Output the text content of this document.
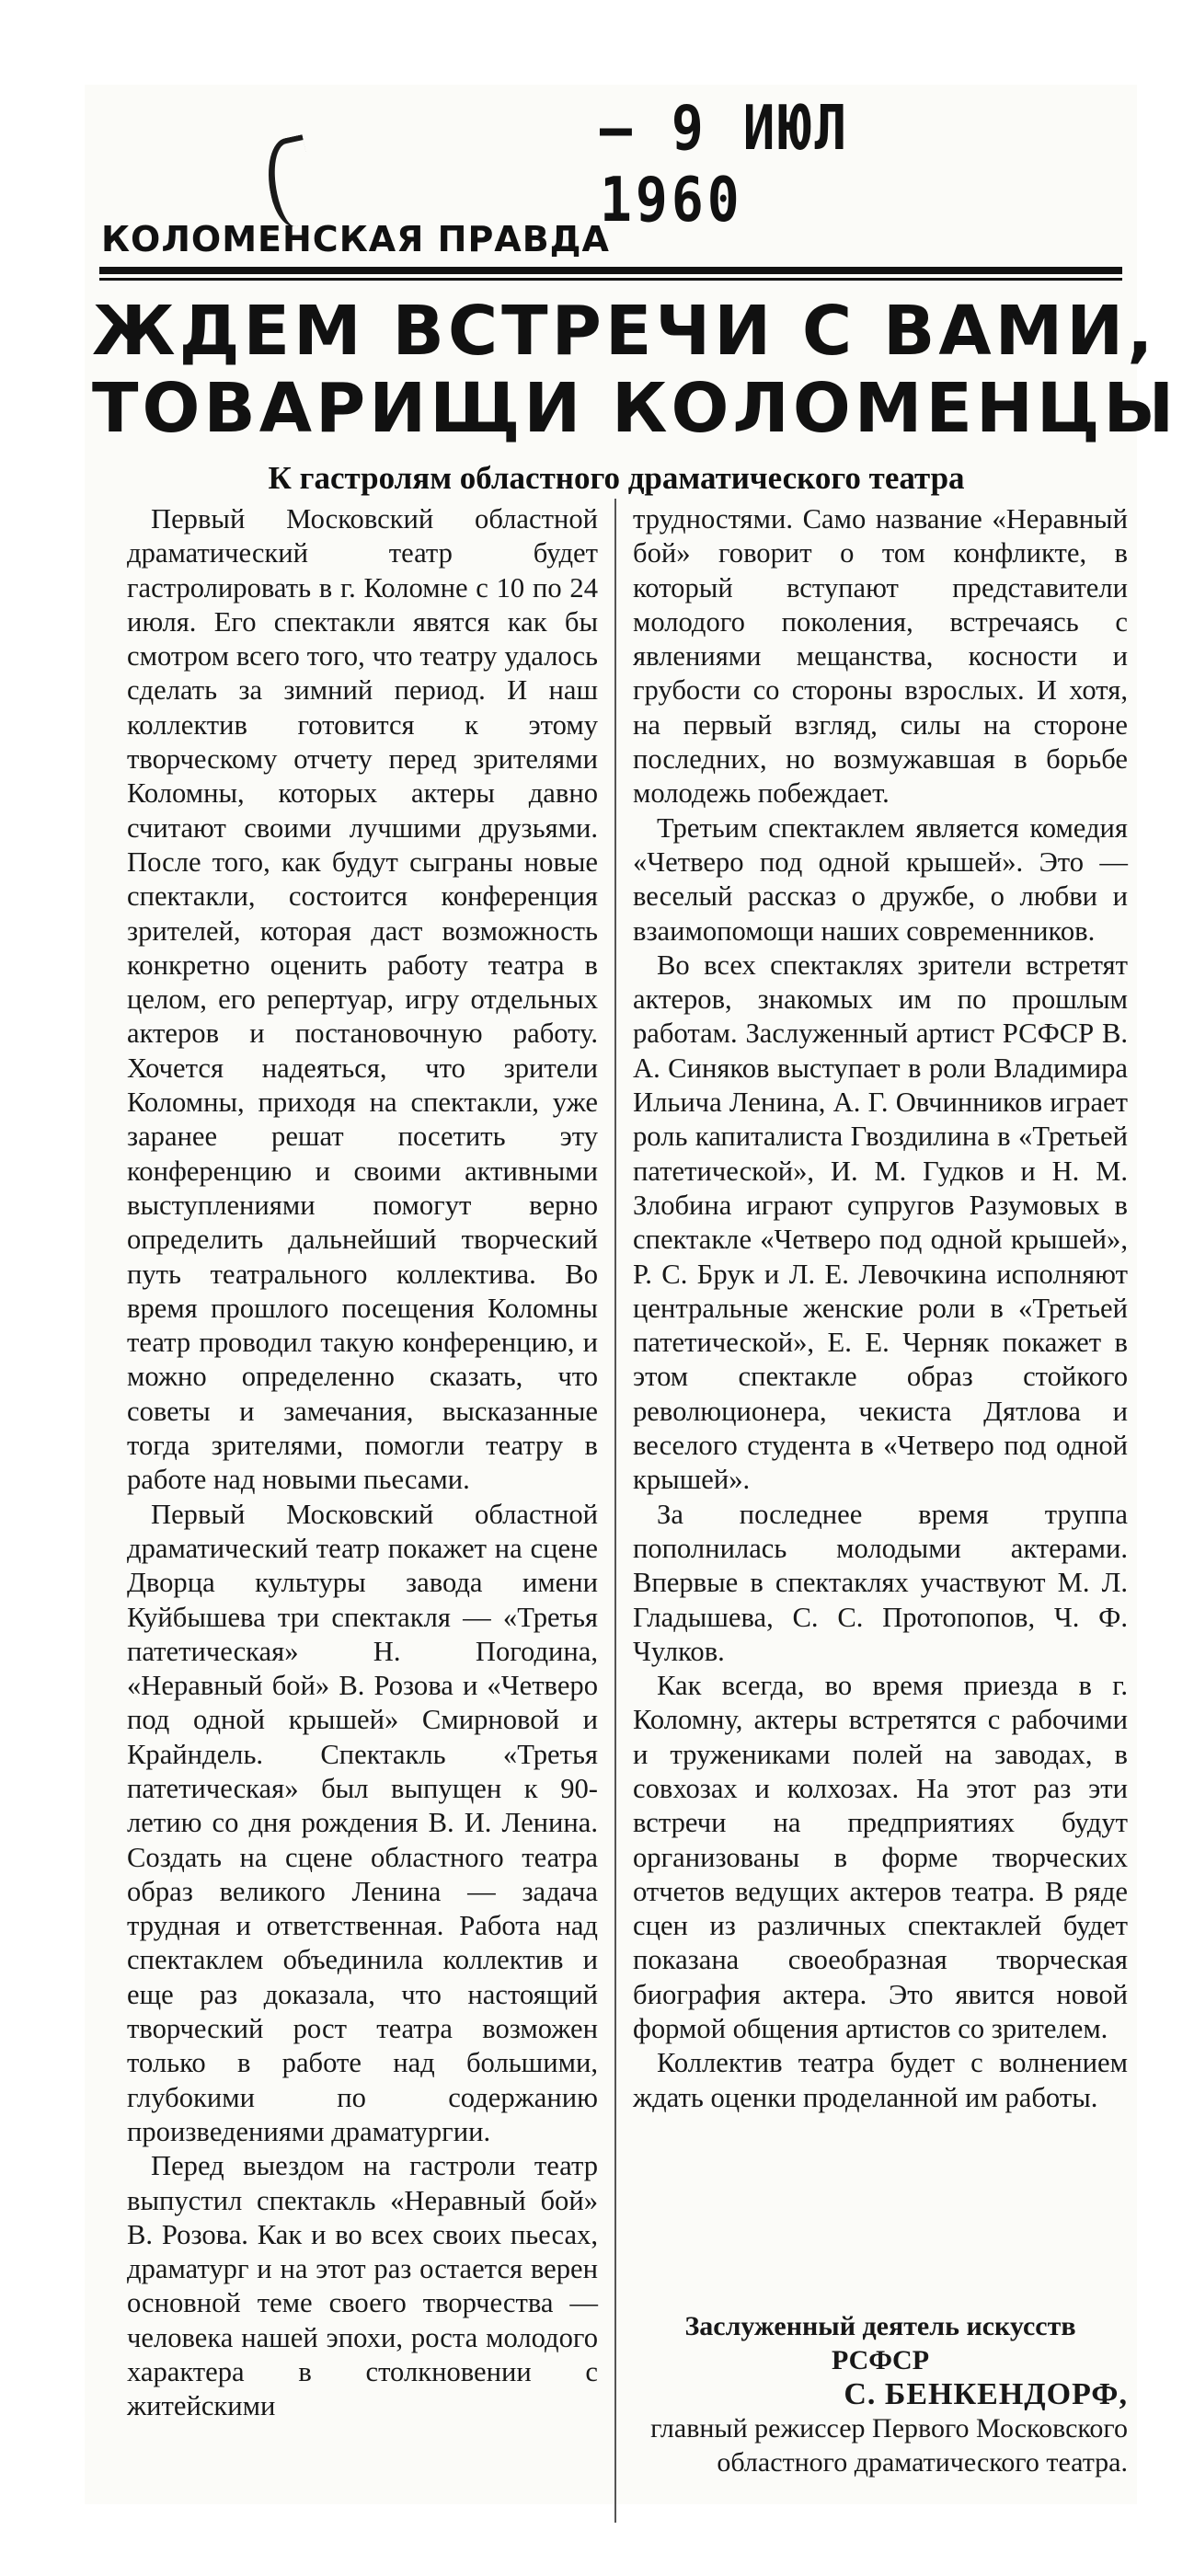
— 9 ИЮЛ 1960
КОЛОМЕНСКАЯ ПРАВДА
ЖДЕМ ВСТРЕЧИ С ВАМИ,
ТОВАРИЩИ КОЛОМЕНЦЫ
К гастролям областного драматического театра

Первый Московский областной драматический театр будет гастролировать в г. Коломне с 10 по 24 июля. Его спектакли явятся как бы смотром всего того, что театру удалось сделать за зимний период. И наш коллектив готовится к этому творческому отчету перед зрителями Коломны, которых актеры давно считают своими лучшими друзьями. После того, как будут сыграны новые спектакли, состоится конференция зрителей, которая даст возможность конкретно оценить работу театра в целом, его репертуар, игру отдельных актеров и постановочную работу. Хочется надеяться, что зрители Коломны, приходя на спектакли, уже заранее решат посетить эту конференцию и своими активными выступлениями помогут верно определить дальнейший творческий путь театрального коллектива. Во время прошлого посещения Коломны театр проводил такую конференцию, и можно определенно сказать, что советы и замечания, высказанные тогда зрителями, помогли театру в работе над новыми пьесами.

Первый Московский областной драматический театр покажет на сцене Дворца культуры завода имени Куйбышева три спектакля — «Третья патетическая» Н. Погодина, «Неравный бой» В. Розова и «Четверо под одной крышей» Смирновой и Крайндель. Спектакль «Третья патетическая» был выпущен к 90-летию со дня рождения В. И. Ленина. Создать на сцене областного театра образ великого Ленина — задача трудная и ответственная. Работа над спектаклем объединила коллектив и еще раз доказала, что настоящий творческий рост театра возможен только в работе над большими, глубокими по содержанию произведениями драматургии.

Перед выездом на гастроли театр выпустил спектакль «Неравный бой» В. Розова. Как и во всех своих пьесах, драматург и на этот раз остается верен основной теме своего творчества — человека нашей эпохи, роста молодого характера в столкновении с житейскими

трудностями. Само название «Неравный бой» говорит о том конфликте, в который вступают представители молодого поколения, встречаясь с явлениями мещанства, косности и грубости со стороны взрослых. И хотя, на первый взгляд, силы на стороне последних, но возмужавшая в борьбе молодежь побеждает.

Третьим спектаклем является комедия «Четверо под одной крышей». Это — веселый рассказ о дружбе, о любви и взаимопомощи наших современников.

Во всех спектаклях зрители встретят актеров, знакомых им по прошлым работам. Заслуженный артист РСФСР В. А. Синяков выступает в роли Владимира Ильича Ленина, А. Г. Овчинников играет роль капиталиста Гвоздилина в «Третьей патетической», И. М. Гудков и Н. М. Злобина играют супругов Разумовых в спектакле «Четверо под одной крышей», Р. С. Брук и Л. Е. Левочкина исполняют центральные женские роли в «Третьей патетической», Е. Е. Черняк покажет в этом спектакле образ стойкого революционера, чекиста Дятлова и веселого студента в «Четверо под одной крышей».

За последнее время труппа пополнилась молодыми актерами. Впервые в спектаклях участвуют М. Л. Гладышева, С. С. Протопопов, Ч. Ф. Чулков.

Как всегда, во время приезда в г. Коломну, актеры встретятся с рабочими и тружениками полей на заводах, в совхозах и колхозах. На этот раз эти встречи на предприятиях будут организованы в форме творческих отчетов ведущих актеров театра. В ряде сцен из различных спектаклей будет показана своеобразная творческая биография актера. Это явится новой формой общения артистов со зрителем.

Коллектив театра будет с волнением ждать оценки проделанной им работы.

Заслуженный деятель искусств РСФСР
С. БЕНКЕНДОРФ,
главный режиссер Первого Московского областного драматического театра.
